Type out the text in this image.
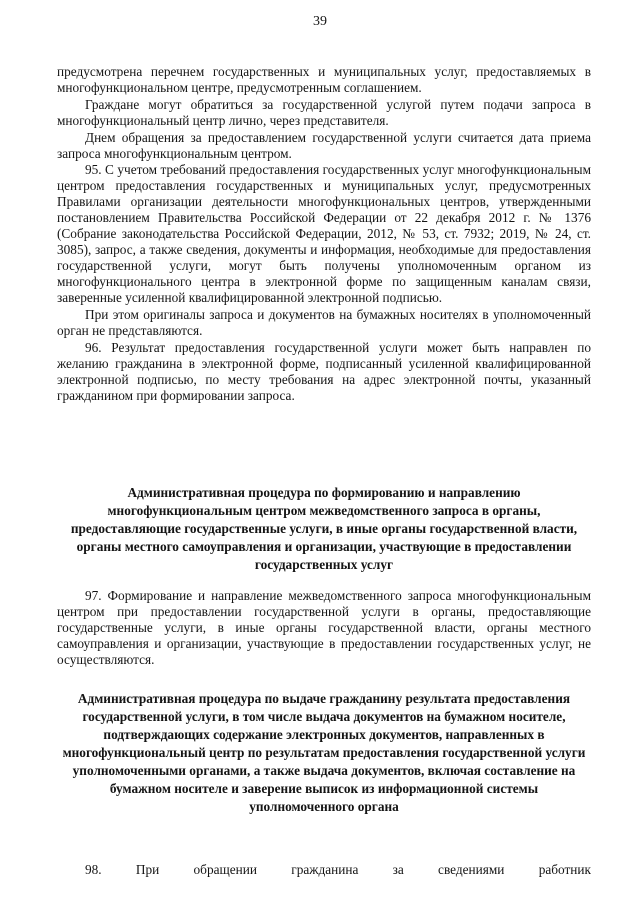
39

предусмотрена перечнем государственных и муниципальных услуг, предоставляемых в многофункциональном центре, предусмотренным соглашением.

Граждане могут обратиться за государственной услугой путем подачи запроса в многофункциональный центр лично, через представителя.

Днем обращения за предоставлением государственной услуги считается дата приема запроса многофункциональным центром.

95. С учетом требований предоставления государственных услуг многофункциональным центром предоставления государственных и муниципальных услуг, предусмотренных Правилами организации деятельности многофункциональных центров, утвержденными постановлением Правительства Российской Федерации от 22 декабря 2012 г. № 1376 (Собрание законодательства Российской Федерации, 2012, № 53, ст. 7932; 2019, № 24, ст. 3085), запрос, а также сведения, документы и информация, необходимые для предоставления государственной услуги, могут быть получены уполномоченным органом из многофункционального центра в электронной форме по защищенным каналам связи, заверенные усиленной квалифицированной электронной подписью.

При этом оригиналы запроса и документов на бумажных носителях в уполномоченный орган не представляются.

96. Результат предоставления государственной услуги может быть направлен по желанию гражданина в электронной форме, подписанный усиленной квалифицированной электронной подписью, по месту требования на адрес электронной почты, указанный гражданином при формировании запроса.

Административная процедура по формированию и направлению многофункциональным центром межведомственного запроса в органы, предоставляющие государственные услуги, в иные органы государственной власти, органы местного самоуправления и организации, участвующие в предоставлении государственных услуг

97. Формирование и направление межведомственного запроса многофункциональным центром при предоставлении государственной услуги в органы, предоставляющие государственные услуги, в иные органы государственной власти, органы местного самоуправления и организации, участвующие в предоставлении государственных услуг, не осуществляются.

Административная процедура по выдаче гражданину результата предоставления государственной услуги, в том числе выдача документов на бумажном носителе, подтверждающих содержание электронных документов, направленных в многофункциональный центр по результатам предоставления государственной услуги уполномоченными органами, а также выдача документов, включая составление на бумажном носителе и заверение выписок из информационной системы уполномоченного органа

98. При обращении гражданина за сведениями работник
